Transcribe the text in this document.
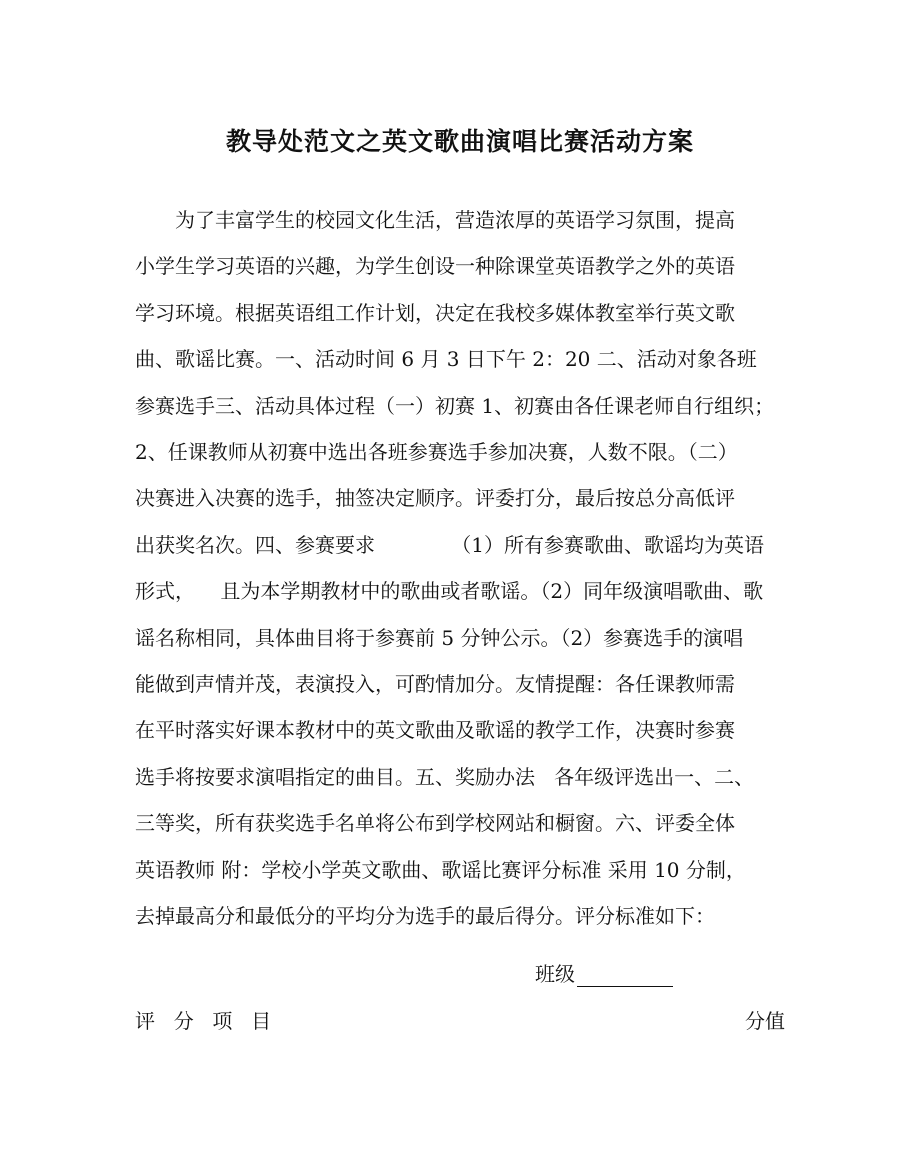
教导处范文之英文歌曲演唱比赛活动方案
为了丰富学生的校园文化生活，营造浓厚的英语学习氛围，提高
小学生学习英语的兴趣，为学生创设一种除课堂英语教学之外的英语
学习环境。根据英语组工作计划，决定在我校多媒体教室举行英文歌
曲、歌谣比赛。一、活动时间 6 月 3 日下午 2：20 二、活动对象各班
参赛选手三、活动具体过程（一）初赛 1、初赛由各任课老师自行组织；
2、任课教师从初赛中选出各班参赛选手参加决赛，人数不限。（二）
决赛进入决赛的选手，抽签决定顺序。评委打分，最后按总分高低评
出获奖名次。四、参赛要求            （1）所有参赛歌曲、歌谣均为英语
形式，    且为本学期教材中的歌曲或者歌谣。（2）同年级演唱歌曲、歌
谣名称相同，具体曲目将于参赛前 5 分钟公示。（2）参赛选手的演唱
能做到声情并茂，表演投入，可酌情加分。友情提醒：各任课教师需
在平时落实好课本教材中的英文歌曲及歌谣的教学工作，决赛时参赛
选手将按要求演唱指定的曲目。五、奖励办法   各年级评选出一、二、
三等奖，所有获奖选手名单将公布到学校网站和橱窗。六、评委全体
英语教师 附：学校小学英文歌曲、歌谣比赛评分标准 采用 10 分制，
去掉最高分和最低分的平均分为选手的最后得分。评分标准如下：
班级
评  分  项  目	分值
